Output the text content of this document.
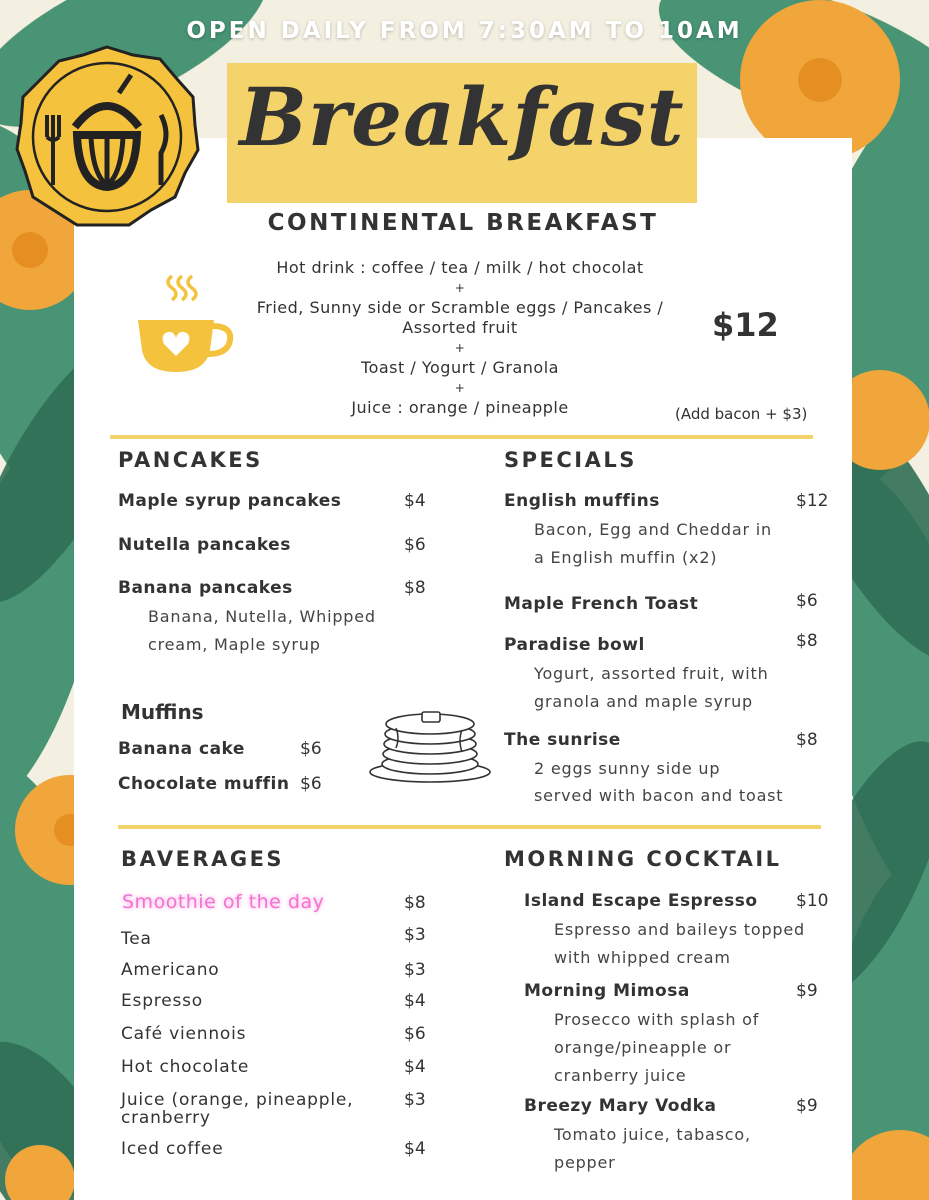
OPEN DAILY FROM 7:30AM TO 10AM
Breakfast
CONTINENTAL BREAKFAST
Hot drink : coffee / tea / milk / hot chocolat
+
Fried, Sunny side or Scramble eggs / Pancakes /
Assorted fruit
+
Toast / Yogurt / Granola
+
Juice : orange / pineapple
$12
(Add bacon + $3)
PANCAKES
Maple syrup pancakes	$4
Nutella pancakes	$6
Banana pancakes	$8
Banana, Nutella, Whipped
cream, Maple syrup
Muffins
Banana cake	$6
Chocolate muffin $6
SPECIALS
English muffins	$12
Bacon, Egg and Cheddar in
a English muffin (x2)
Maple French Toast	$6
Paradise bowl	$8
Yogurt, assorted fruit, with
granola and maple syrup
The sunrise	$8
2 eggs sunny side up
served with bacon and toast
BAVERAGES
Smoothie of the day	$8
Tea	$3
Americano	$3
Espresso	$4
Café viennois	$6
Hot chocolate	$4
Juice (orange, pineapple,
cranberry
$3
Iced coffee	$4
MORNING COCKTAIL
Island Escape Espresso $10
Espresso and baileys topped
with whipped cream
Morning Mimosa	$9
Prosecco with splash of
orange/pineapple or
cranberry juice
Breezy Mary Vodka	$9
Tomato juice, tabasco,
pepper
